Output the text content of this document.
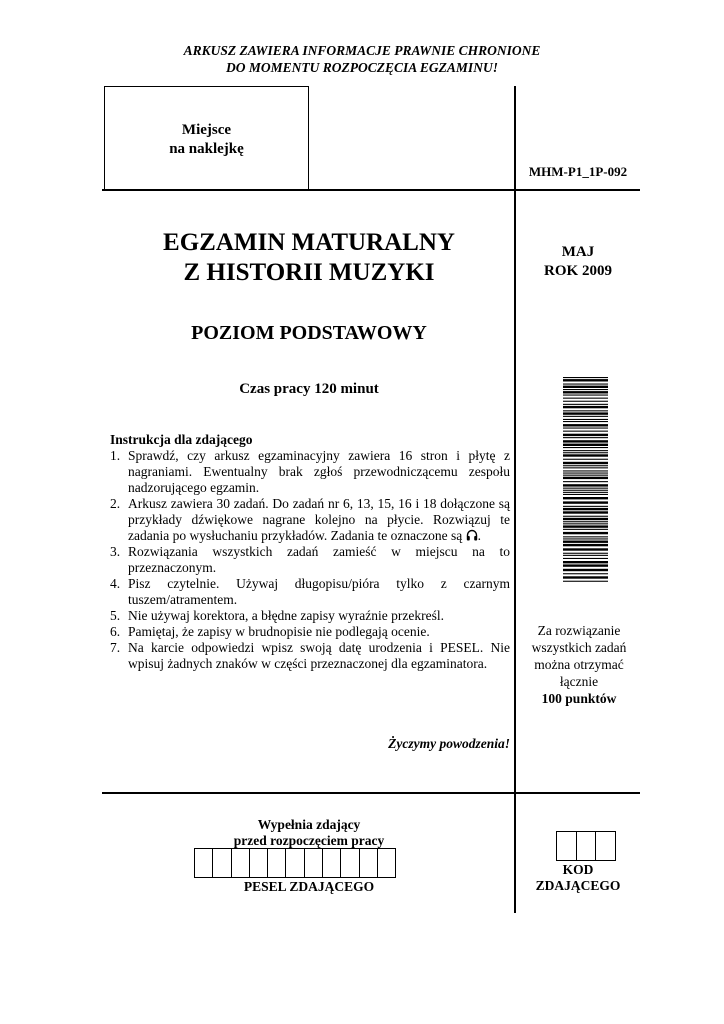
ARKUSZ ZAWIERA INFORMACJE PRAWNIE CHRONIONE
DO MOMENTU ROZPOCZĘCIA EGZAMINU!
Miejsce
na naklejkę
MHM-P1_1P-092
EGZAMIN MATURALNY
Z HISTORII MUZYKI
POZIOM PODSTAWOWY
Czas pracy 120 minut
MAJ
ROK 2009
Za rozwiązanie
wszystkich zadań
można otrzymać
łącznie
100 punktów
Instrukcja dla zdającego
1. Sprawdź, czy arkusz egzaminacyjny zawiera 16 stron i płytę z nagraniami. Ewentualny brak zgłoś przewodniczącemu zespołu nadzorującego egzamin.
2. Arkusz zawiera 30 zadań. Do zadań nr 6, 13, 15, 16 i 18 dołączone są przykłady dźwiękowe nagrane kolejno na płycie. Rozwiązuj te zadania po wysłuchaniu przykładów. Zadania te oznaczone są .
3. Rozwiązania wszystkich zadań zamieść w miejscu na to przeznaczonym.
4. Pisz czytelnie. Używaj długopisu/pióra tylko z czarnym tuszem/atramentem.
5. Nie używaj korektora, a błędne zapisy wyraźnie przekreśl.
6. Pamiętaj, że zapisy w brudnopisie nie podlegają ocenie.
7. Na karcie odpowiedzi wpisz swoją datę urodzenia i PESEL. Nie wpisuj żadnych znaków w części przeznaczonej dla egzaminatora.
Życzymy powodzenia!
Wypełnia zdający
przed rozpoczęciem pracy
PESEL ZDAJĄCEGO
KOD
ZDAJĄCEGO
